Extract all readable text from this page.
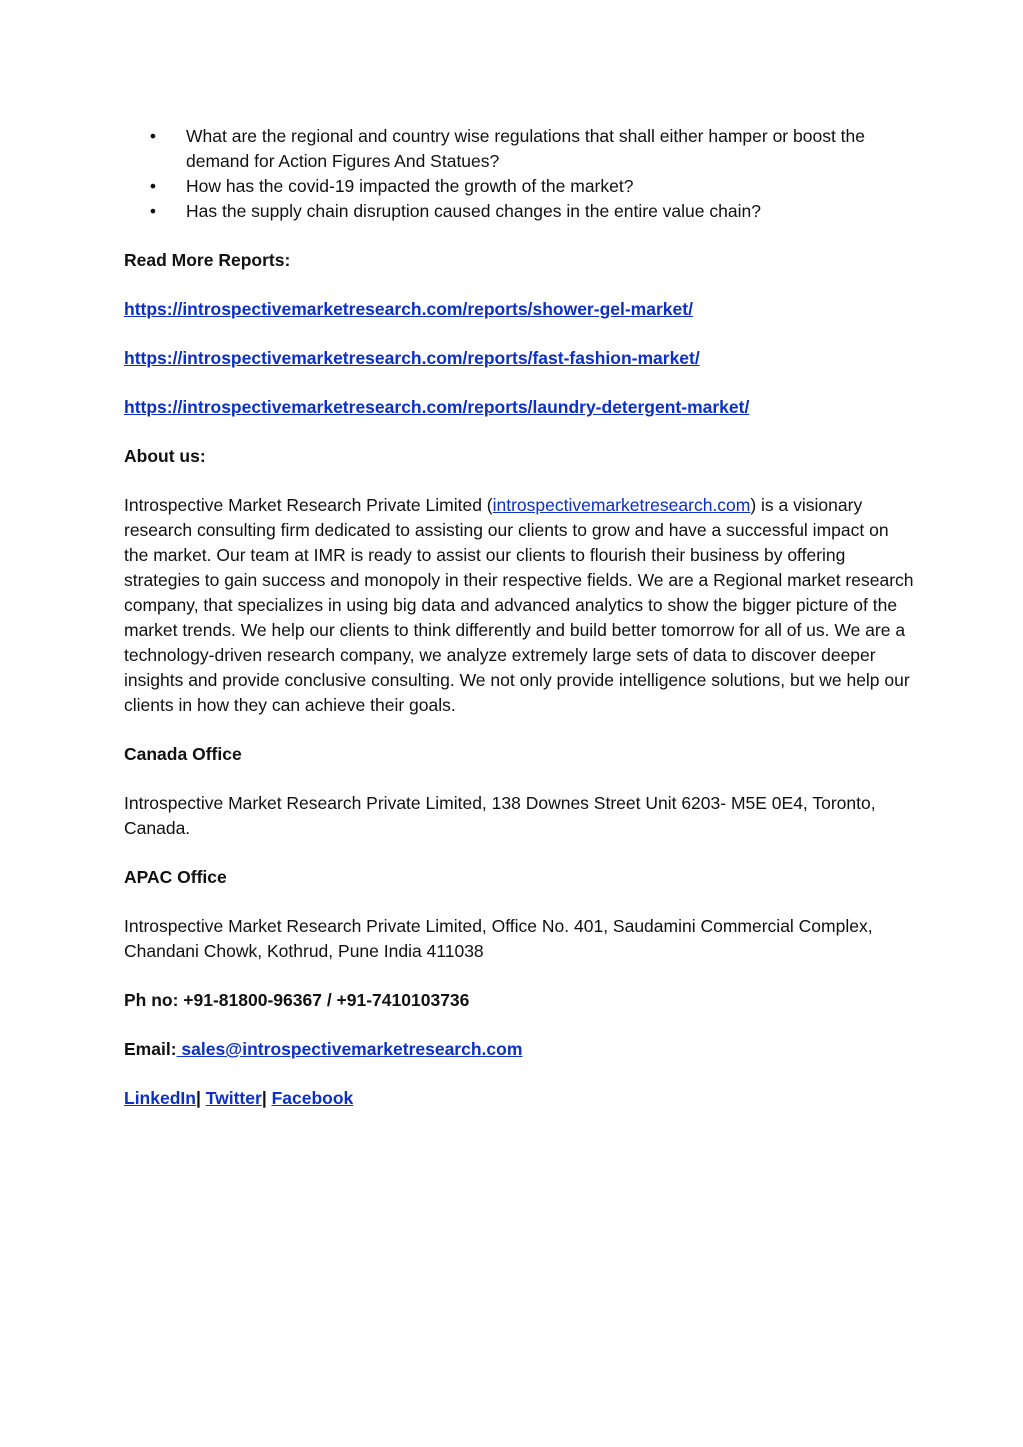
•	What are the regional and country wise regulations that shall either hamper or boost the demand for Action Figures And Statues?
•	How has the covid-19 impacted the growth of the market?
•	Has the supply chain disruption caused changes in the entire value chain?

Read More Reports:

https://introspectivemarketresearch.com/reports/shower-gel-market/

https://introspectivemarketresearch.com/reports/fast-fashion-market/

https://introspectivemarketresearch.com/reports/laundry-detergent-market/

About us:

Introspective Market Research Private Limited (introspectivemarketresearch.com) is a visionary research consulting firm dedicated to assisting our clients to grow and have a successful impact on the market. Our team at IMR is ready to assist our clients to flourish their business by offering strategies to gain success and monopoly in their respective fields. We are a Regional market research company, that specializes in using big data and advanced analytics to show the bigger picture of the market trends. We help our clients to think differently and build better tomorrow for all of us. We are a technology-driven research company, we analyze extremely large sets of data to discover deeper insights and provide conclusive consulting. We not only provide intelligence solutions, but we help our clients in how they can achieve their goals.

Canada Office

Introspective Market Research Private Limited, 138 Downes Street Unit 6203- M5E 0E4, Toronto, Canada.

APAC Office

Introspective Market Research Private Limited, Office No. 401, Saudamini Commercial Complex, Chandani Chowk, Kothrud, Pune India 411038

Ph no: +91-81800-96367 / +91-7410103736

Email: sales@introspectivemarketresearch.com

LinkedIn| Twitter| Facebook
